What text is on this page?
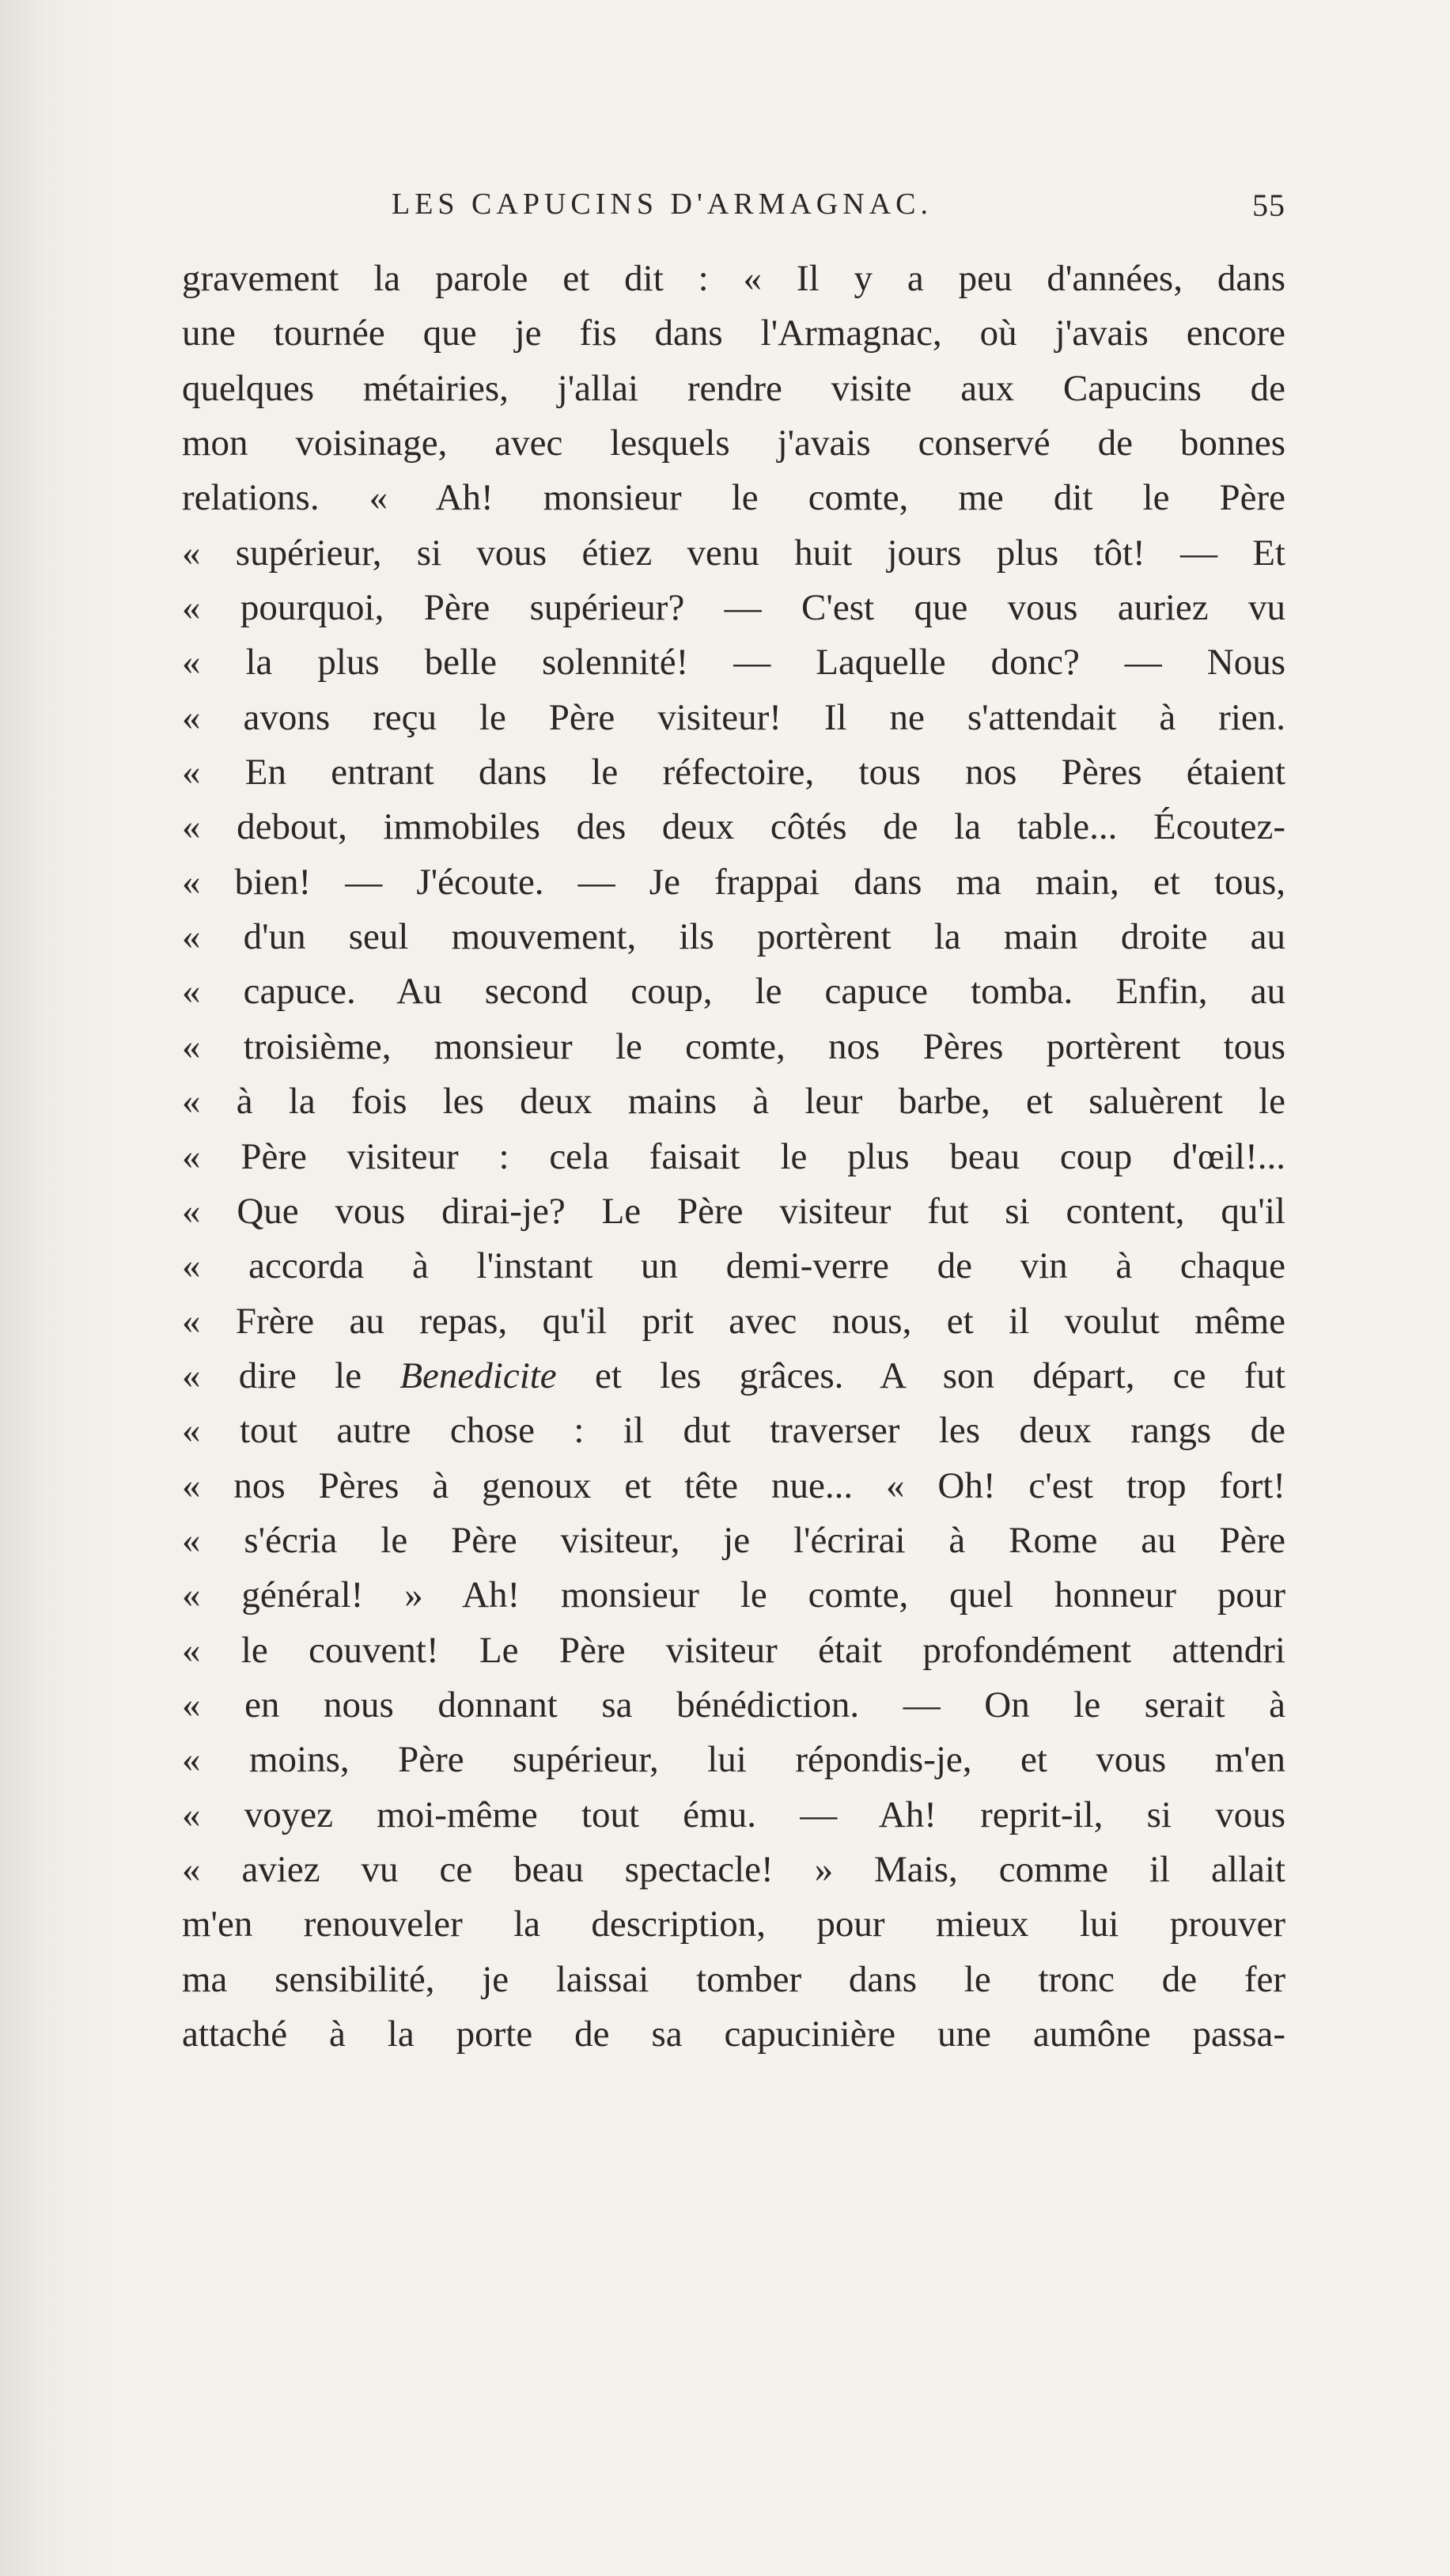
LES CAPUCINS D'ARMAGNAC.	55
gravement la parole et dit : « Il y a peu d'années, dans
une tournée que je fis dans l'Armagnac, où j'avais encore
quelques métairies, j'allai rendre visite aux Capucins de
mon voisinage, avec lesquels j'avais conservé de bonnes
relations. « Ah! monsieur le comte, me dit le Père
« supérieur, si vous étiez venu huit jours plus tôt! — Et
« pourquoi, Père supérieur? — C'est que vous auriez vu
« la plus belle solennité! — Laquelle donc? — Nous
« avons reçu le Père visiteur! Il ne s'attendait à rien.
« En entrant dans le réfectoire, tous nos Pères étaient
« debout, immobiles des deux côtés de la table... Écoutez-
« bien! — J'écoute. — Je frappai dans ma main, et tous,
« d'un seul mouvement, ils portèrent la main droite au
« capuce. Au second coup, le capuce tomba. Enfin, au
« troisième, monsieur le comte, nos Pères portèrent tous
« à la fois les deux mains à leur barbe, et saluèrent le
« Père visiteur : cela faisait le plus beau coup d'œil!...
« Que vous dirai-je? Le Père visiteur fut si content, qu'il
« accorda à l'instant un demi-verre de vin à chaque
« Frère au repas, qu'il prit avec nous, et il voulut même
« dire le Benedicite et les grâces. A son départ, ce fut
« tout autre chose : il dut traverser les deux rangs de
« nos Pères à genoux et tête nue... « Oh! c'est trop fort!
« s'écria le Père visiteur, je l'écrirai à Rome au Père
« général! » Ah! monsieur le comte, quel honneur pour
« le couvent! Le Père visiteur était profondément attendri
« en nous donnant sa bénédiction. — On le serait à
« moins, Père supérieur, lui répondis-je, et vous m'en
« voyez moi-même tout ému. — Ah! reprit-il, si vous
« aviez vu ce beau spectacle! » Mais, comme il allait
m'en renouveler la description, pour mieux lui prouver
ma sensibilité, je laissai tomber dans le tronc de fer
attaché à la porte de sa capucinière une aumône passa-
